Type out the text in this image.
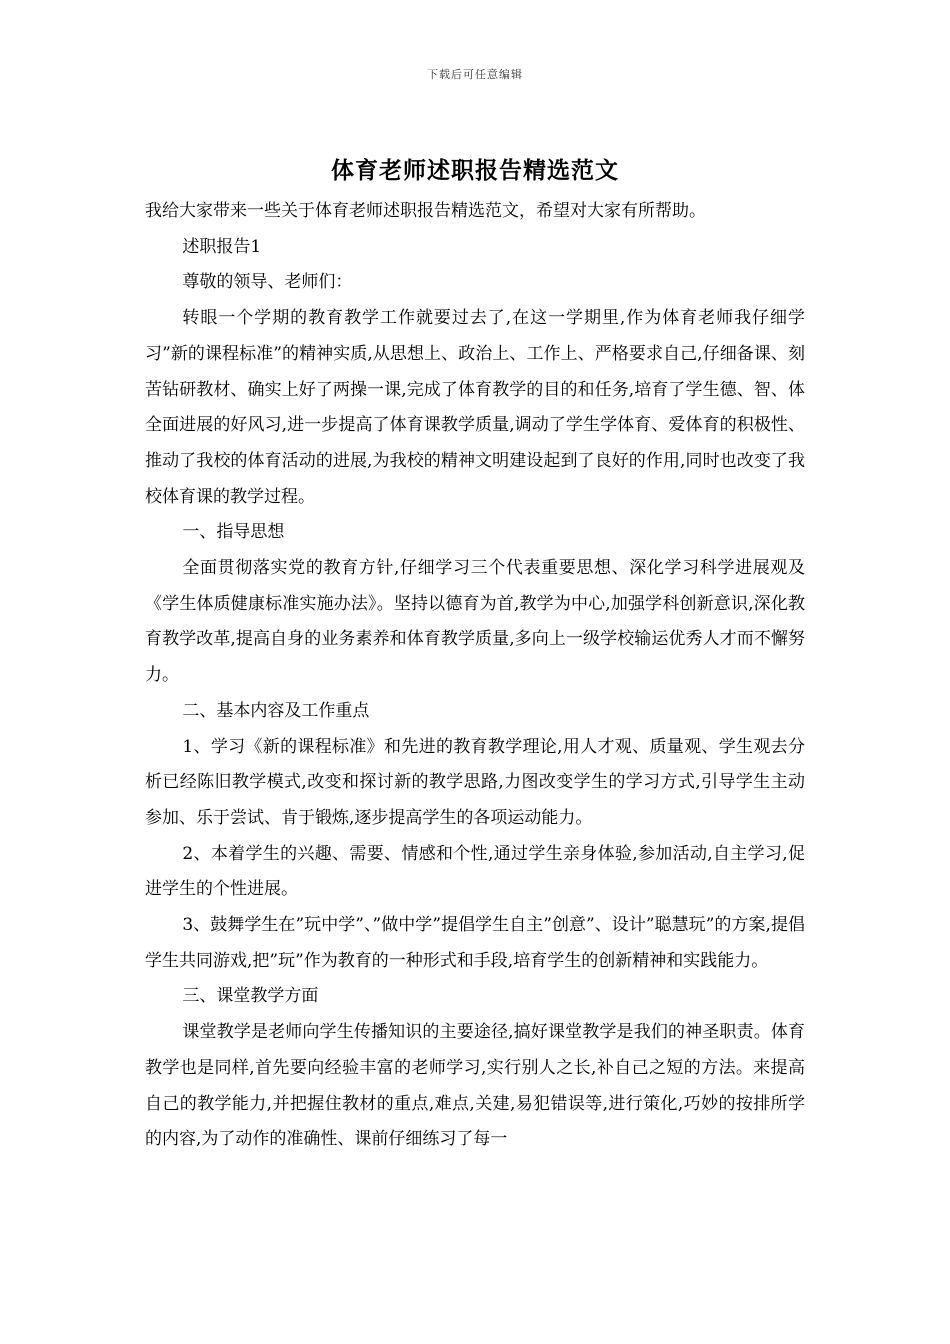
下载后可任意编辑
体育老师述职报告精选范文

我给大家带来一些关于体育老师述职报告精选范文，希望对大家有所帮助。

述职报告1

尊敬的领导、老师们：

转眼一个学期的教育教学工作就要过去了,在这一学期里,作为体育老师我仔细学习”新的课程标准”的精神实质,从思想上、政治上、工作上、严格要求自己,仔细备课、刻苦钻研教材、确实上好了两操一课,完成了体育教学的目的和任务,培育了学生德、智、体全面进展的好风习,进一步提高了体育课教学质量,调动了学生学体育、爱体育的积极性、推动了我校的体育活动的进展,为我校的精神文明建设起到了良好的作用,同时也改变了我校体育课的教学过程。

一、指导思想

全面贯彻落实党的教育方针,仔细学习三个代表重要思想、深化学习科学进展观及《学生体质健康标准实施办法》。坚持以德育为首,教学为中心,加强学科创新意识,深化教育教学改革,提高自身的业务素养和体育教学质量,多向上一级学校输运优秀人才而不懈努力。

二、基本内容及工作重点

1、学习《新的课程标准》和先进的教育教学理论,用人才观、质量观、学生观去分析已经陈旧教学模式,改变和探讨新的教学思路,力图改变学生的学习方式,引导学生主动参加、乐于尝试、肯于锻炼,逐步提高学生的各项运动能力。

2、本着学生的兴趣、需要、情感和个性,通过学生亲身体验,参加活动,自主学习,促进学生的个性进展。

3、鼓舞学生在”玩中学”、”做中学”提倡学生自主”创意”、设计”聪慧玩”的方案,提倡学生共同游戏,把”玩”作为教育的一种形式和手段,培育学生的创新精神和实践能力。

三、课堂教学方面

课堂教学是老师向学生传播知识的主要途径,搞好课堂教学是我们的神圣职责。体育教学也是同样,首先要向经验丰富的老师学习,实行别人之长,补自己之短的方法。来提高自己的教学能力,并把握住教材的重点,难点,关建,易犯错误等,进行策化,巧妙的按排所学的内容,为了动作的准确性、课前仔细练习了每一
